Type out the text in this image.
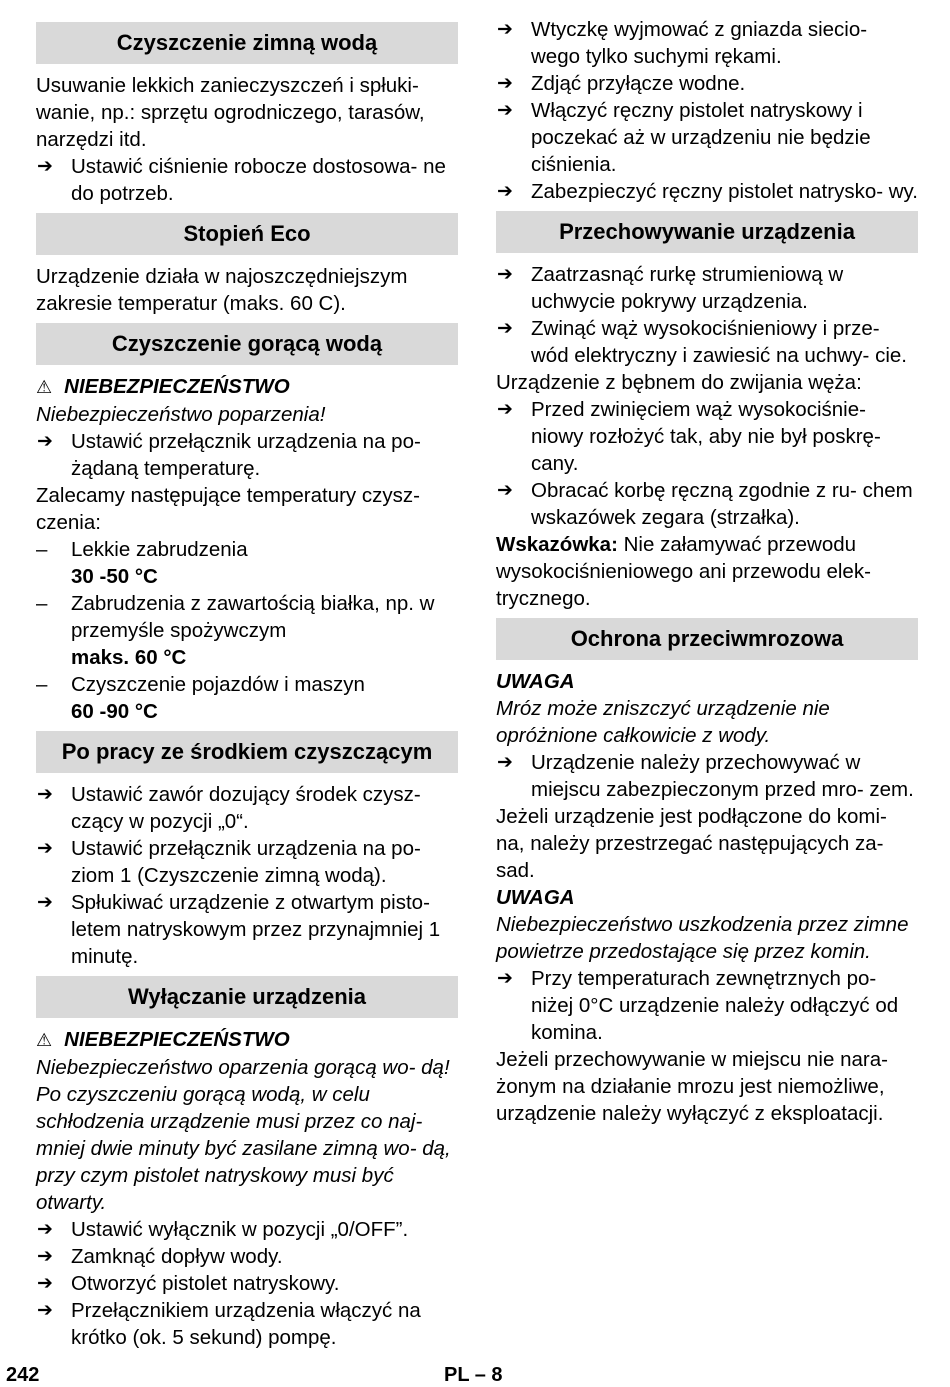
Czyszczenie zimną wodą
Usuwanie lekkich zanieczyszczeń i spłuki- wanie, np.: sprzętu ogrodniczego, tarasów, narzędzi itd.
➔ Ustawić ciśnienie robocze dostosowa- ne do potrzeb.
Stopień Eco
Urządzenie działa w najoszczędniejszym zakresie temperatur (maks. 60 C).
Czyszczenie gorącą wodą
⚠ NIEBEZPIECZEŃSTWO
Niebezpieczeństwo poparzenia!
➔ Ustawić przełącznik urządzenia na po- żądaną temperaturę.
Zalecamy następujące temperatury czysz- czenia:
– Lekkie zabrudzenia
30 -50 °C
– Zabrudzenia z zawartością białka, np. w przemyśle spożywczym
maks. 60 °C
– Czyszczenie pojazdów i maszyn
60 -90 °C
Po pracy ze środkiem czyszczącym
➔ Ustawić zawór dozujący środek czysz- czący w pozycji „0“.
➔ Ustawić przełącznik urządzenia na po- ziom 1 (Czyszczenie zimną wodą).
➔ Spłukiwać urządzenie z otwartym pisto- letem natryskowym przez przynajmniej 1 minutę.
Wyłączanie urządzenia
⚠ NIEBEZPIECZEŃSTWO
Niebezpieczeństwo oparzenia gorącą wo- dą! Po czyszczeniu gorącą wodą, w celu schłodzenia urządzenie musi przez co naj- mniej dwie minuty być zasilane zimną wo- dą, przy czym pistolet natryskowy musi być otwarty.
➔ Ustawić wyłącznik w pozycji „0/OFF”.
➔ Zamknąć dopływ wody.
➔ Otworzyć pistolet natryskowy.
➔ Przełącznikiem urządzenia włączyć na krótko (ok. 5 sekund) pompę.
➔ Wtyczkę wyjmować z gniazda siecio- wego tylko suchymi rękami.
➔ Zdjąć przyłącze wodne.
➔ Włączyć ręczny pistolet natryskowy i poczekać aż w urządzeniu nie będzie ciśnienia.
➔ Zabezpieczyć ręczny pistolet natrysko- wy.
Przechowywanie urządzenia
➔ Zaatrzasnąć rurkę strumieniową w uchwycie pokrywy urządzenia.
➔ Zwinąć wąż wysokociśnieniowy i prze- wód elektryczny i zawiesić na uchwy- cie.
Urządzenie z bębnem do zwijania węża:
➔ Przed zwinięciem wąż wysokociśnie- niowy rozłożyć tak, aby nie był poskrę- cany.
➔ Obracać korbę ręczną zgodnie z ru- chem wskazówek zegara (strzałka).
Wskazówka: Nie załamywać przewodu wysokociśnieniowego ani przewodu elek- trycznego.
Ochrona przeciwmrozowa
UWAGA
Mróz może zniszczyć urządzenie nie opróżnione całkowicie z wody.
➔ Urządzenie należy przechowywać w miejscu zabezpieczonym przed mro- zem.
Jeżeli urządzenie jest podłączone do komi- na, należy przestrzegać następujących za- sad.
UWAGA
Niebezpieczeństwo uszkodzenia przez zimne powietrze przedostające się przez komin.
➔ Przy temperaturach zewnętrznych po- niżej 0°C urządzenie należy odłączyć od komina.
Jeżeli przechowywanie w miejscu nie nara- żonym na działanie mrozu jest niemożliwe, urządzenie należy wyłączyć z eksploatacji.
242	PL – 8
